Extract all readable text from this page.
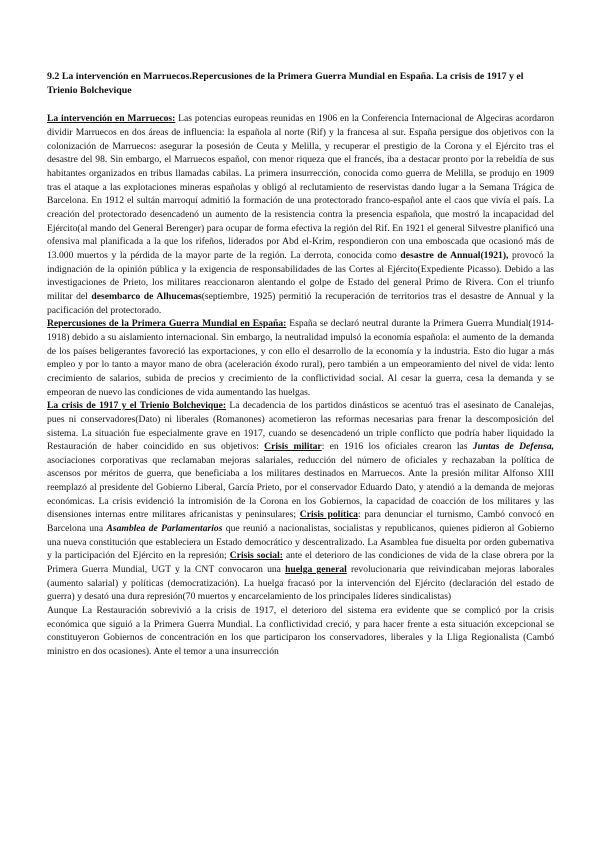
9.2 La intervención en Marruecos.Repercusiones de la Primera Guerra Mundial en España. La crisis de 1917 y el Trienio Bolchevique

La intervención en Marruecos: Las potencias europeas reunidas en 1906 en la Conferencia Internacional de Algeciras acordaron dividir Marruecos en dos áreas de influencia: la española al norte (Rif) y la francesa al sur. España persigue dos objetivos con la colonización de Marruecos: asegurar la posesión de Ceuta y Melilla, y recuperar el prestigio de la Corona y el Ejército tras el desastre del 98. Sin embargo, el Marruecos español, con menor riqueza que el francés, iba a destacar pronto por la rebeldía de sus habitantes organizados en tribus llamadas cabilas. La primera insurrección, conocida como guerra de Melilla, se produjo en 1909 tras el ataque a las explotaciones mineras españolas y obligó al reclutamiento de reservistas dando lugar a la Semana Trágica de Barcelona. En 1912 el sultán marroquí admitió la formación de una protectorado franco-español ante el caos que vivía el país. La creación del protectorado desencadenó un aumento de la resistencia contra la presencia española, que mostró la incapacidad del Ejército(al mando del General Berenger) para ocupar de forma efectiva la región del Rif. En 1921 el general Silvestre planificó una ofensiva mal planificada a la que los rifeños, liderados por Abd el-Krim, respondieron con una emboscada que ocasionó más de 13.000 muertos y la pérdida de la mayor parte de la región. La derrota, conocida como desastre de Annual(1921), provocó la indignación de la opinión pública y la exigencia de responsabilidades de las Cortes al Ejército(Expediente Picasso). Debido a las investigaciones de Prieto, los militares reaccionaron alentando el golpe de Estado del general Primo de Rivera. Con el triunfo militar del desembarco de Alhucemas(septiembre, 1925) permitió la recuperación de territorios tras el desastre de Annual y la pacificación del protectorado.

Repercusiones de la Primera Guerra Mundial en España: España se declaró neutral durante la Primera Guerra Mundial(1914-1918) debido a su aislamiento internacional. Sin embargo, la neutralidad impulsó la economía española: el aumento de la demanda de los países beligerantes favoreció las exportaciones, y con ello el desarrollo de la economía y la industria. Esto dio lugar a más empleo y por lo tanto a mayor mano de obra (aceleración éxodo rural), pero también a un empeoramiento del nivel de vida: lento crecimiento de salarios, subida de precios y crecimiento de la conflictividad social. Al cesar la guerra, cesa la demanda y se empeoran de nuevo las condiciones de vida aumentando las huelgas.

La crisis de 1917 y el Trienio Bolchevique: La decadencia de los partidos dinásticos se acentuó tras el asesinato de Canalejas, pues ni conservadores(Dato) ni liberales (Romanones) acometieron las reformas necesarias para frenar la descomposición del sistema. La situación fue especialmente grave en 1917, cuando se desencadenó un triple conflicto que podría haber liquidado la Restauración de haber coincidido en sus objetivos: Crisis militar: en 1916 los oficiales crearon las Juntas de Defensa, asociaciones corporativas que reclamaban mejoras salariales, reducción del número de oficiales y rechazaban la política de ascensos por méritos de guerra, que beneficiaba a los militares destinados en Marruecos. Ante la presión militar Alfonso XIII reemplazó al presidente del Gobierno Liberal, García Prieto, por el conservador Eduardo Dato, y atendió a la demanda de mejoras económicas. La crisis evidenció la intromisión de la Corona en los Gobiernos, la capacidad de coacción de los militares y las disensiones internas entre militares africanistas y peninsulares; Crisis política: para denunciar el turnismo, Cambó convocó en Barcelona una Asamblea de Parlamentarios que reunió a nacionalistas, socialistas y republicanos, quienes pidieron al Gobierno una nueva constitución que estableciera un Estado democrático y descentralizado. La Asamblea fue disuelta por orden gubernativa y la participación del Ejército en la represión; Crisis social: ante el deterioro de las condiciones de vida de la clase obrera por la Primera Guerra Mundial, UGT y la CNT convocaron una huelga general revolucionaria que reivindicaban mejoras laborales (aumento salarial) y políticas (democratización). La huelga fracasó por la intervención del Ejército (declaración del estado de guerra) y desató una dura represión(70 muertos y encarcelamiento de los principales líderes sindicalistas)

Aunque La Restauración sobrevivió a la crisis de 1917, el deterioro del sistema era evidente que se complicó por la crisis económica que siguió a la Primera Guerra Mundial. La conflictividad creció, y para hacer frente a esta situación excepcional se constituyeron Gobiernos de concentración en los que participaron los conservadores, liberales y la Lliga Regionalista (Cambó ministro en dos ocasiones). Ante el temor a una insurrección
